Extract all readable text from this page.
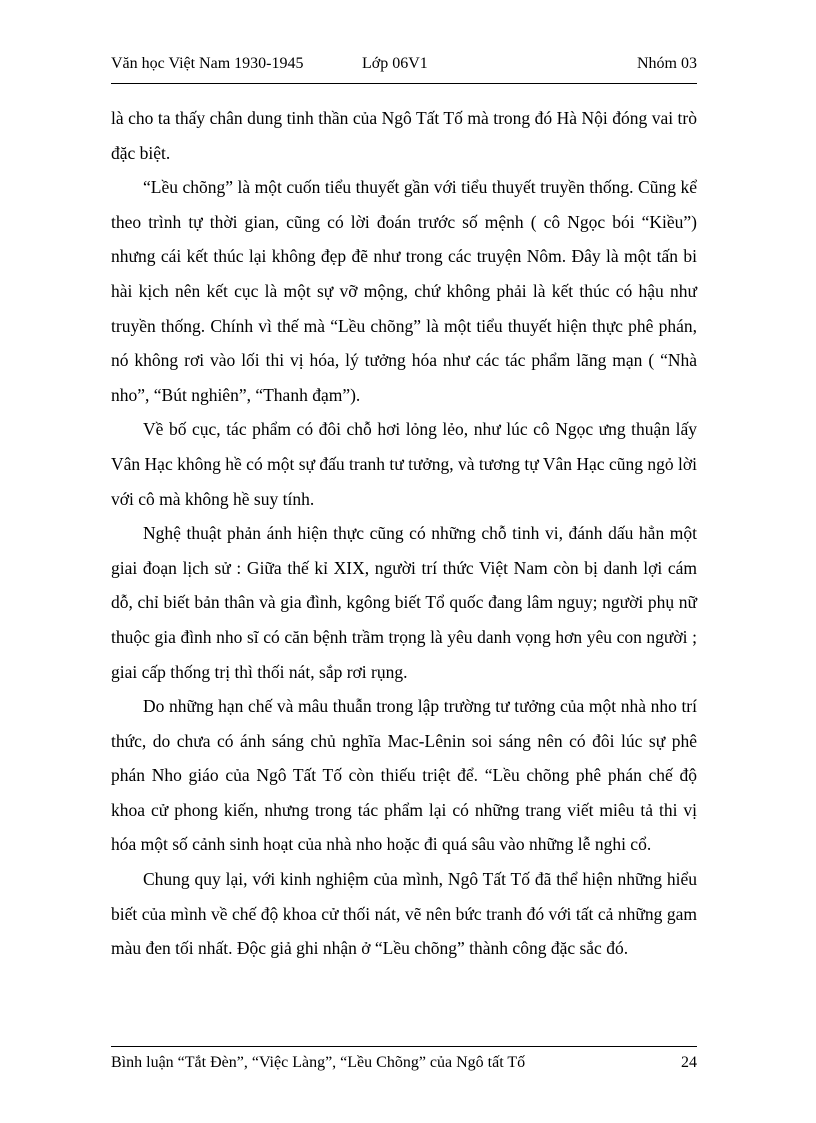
Văn học Việt Nam 1930-1945	Lớp 06V1	Nhóm 03

là cho ta thấy chân dung tinh thần của Ngô Tất Tố mà trong đó Hà Nội đóng vai trò đặc biệt.

“Lều chõng” là một cuốn tiểu thuyết gần với tiểu thuyết truyền thống. Cũng kể theo trình tự thời gian, cũng có lời đoán trước số mệnh ( cô Ngọc bói “Kiều”) nhưng cái kết thúc lại không đẹp đẽ như trong các truyện Nôm. Đây là một tấn bi hài kịch nên kết cục là một sự vỡ mộng, chứ không phải là kết thúc có hậu như truyền thống. Chính vì thế mà “Lều chõng” là một tiểu thuyết hiện thực phê phán, nó không rơi vào lối thi vị hóa, lý tưởng hóa như các tác phẩm lãng mạn ( “Nhà nho”, “Bút nghiên”, “Thanh đạm”).

Về bố cục, tác phẩm có đôi chỗ hơi lỏng lẻo, như lúc cô Ngọc ưng thuận lấy Vân Hạc không hề có một sự đấu tranh tư tưởng, và tương tự Vân Hạc cũng ngỏ lời với cô mà không hề suy tính.

Nghệ thuật phản ánh hiện thực cũng có những chỗ tinh vi, đánh dấu hẳn một giai đoạn lịch sử : Giữa thế kỉ XIX, người trí thức Việt Nam còn bị danh lợi cám dỗ, chỉ biết bản thân và gia đình, kgông biết Tổ quốc đang lâm nguy; người phụ nữ thuộc gia đình nho sĩ có căn bệnh trầm trọng là yêu danh vọng hơn yêu con người ; giai cấp thống trị thì thối nát, sắp rơi rụng.

Do những hạn chế và mâu thuẫn trong lập trường tư tưởng của một nhà nho trí thức, do chưa có ánh sáng chủ nghĩa Mac-Lênin soi sáng nên có đôi lúc sự phê phán Nho giáo của Ngô Tất Tố còn thiếu triệt để. “Lều chõng phê phán chế độ khoa cử phong kiến, nhưng trong tác phẩm lại có những trang viết miêu tả thi vị hóa một số cảnh sinh hoạt của nhà nho hoặc đi quá sâu vào những lễ nghi cổ.

Chung quy lại, với kinh nghiệm của mình, Ngô Tất Tố đã thể hiện những hiểu biết của mình về chế độ khoa cử thối nát, vẽ nên bức tranh đó với tất cả những gam màu đen tối nhất. Độc giả ghi nhận ở “Lều chõng” thành công đặc sắc đó.

Bình luận “Tắt Đèn”, “Việc Làng”, “Lều Chõng” của Ngô tất Tố	24
